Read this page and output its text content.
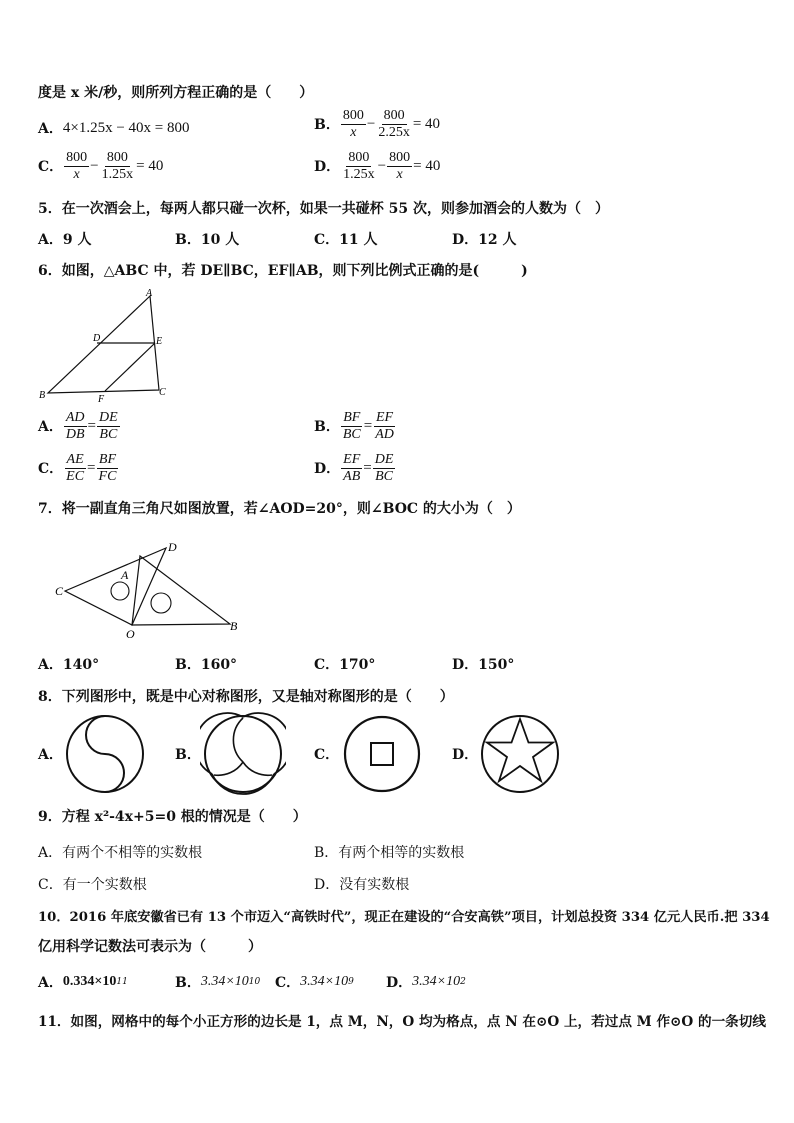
度是 x 米/秒，则所列方程正确的是（　　）
A． 4×1.25x − 40x = 800	B． $\frac{800}{x} - \frac{800}{2.25x} = 40$
C． $\frac{800}{x} - \frac{800}{1.25x} = 40$	D． $\frac{800}{1.25x} - \frac{800}{x} = 40$
5．在一次酒会上，每两人都只碰一次杯，如果一共碰杯 55 次，则参加酒会的人数为（　）
A．9 人	B．10 人	C．11 人	D．12 人
6．如图，△ABC 中，若 DE∥BC，EF∥AB，则下列比例式正确的是(　　　)
A
B	C
D	E
F
A． $\frac{AD}{DB} = \frac{DE}{BC}$	B． $\frac{BF}{BC} = \frac{EF}{AD}$
C． $\frac{AE}{EC} = \frac{BF}{FC}$	D． $\frac{EF}{AB} = \frac{DE}{BC}$
7．将一副直角三角尺如图放置，若∠AOD=20°，则∠BOC 的大小为（　）
D
C
A
O
B
A．140°	B．160°	C．170°	D．150°
8．下列图形中，既是中心对称图形，又是轴对称图形的是（　　）
A．	B．	C．	D．
9．方程 x²-4x+5=0 根的情况是（　　）
A．有两个不相等的实数根	B．有两个相等的实数根
C．有一个实数根	D．没有实数根
10．2016 年底安徽省已有 13 个市迈入“高铁时代”，现正在建设的“合安高铁”项目，计划总投资 334 亿元人民币.把 334
亿用科学记数法可表示为（　　　）
A． 0.334×10 11	B． 3.34×10 10 C． 3.34×10 9 D． 3.34×10 2
11．如图，网格中的每个小正方形的边长是 1，点 M，N，O 均为格点，点 N 在⊙O 上，若过点 M 作⊙O 的一条切线
